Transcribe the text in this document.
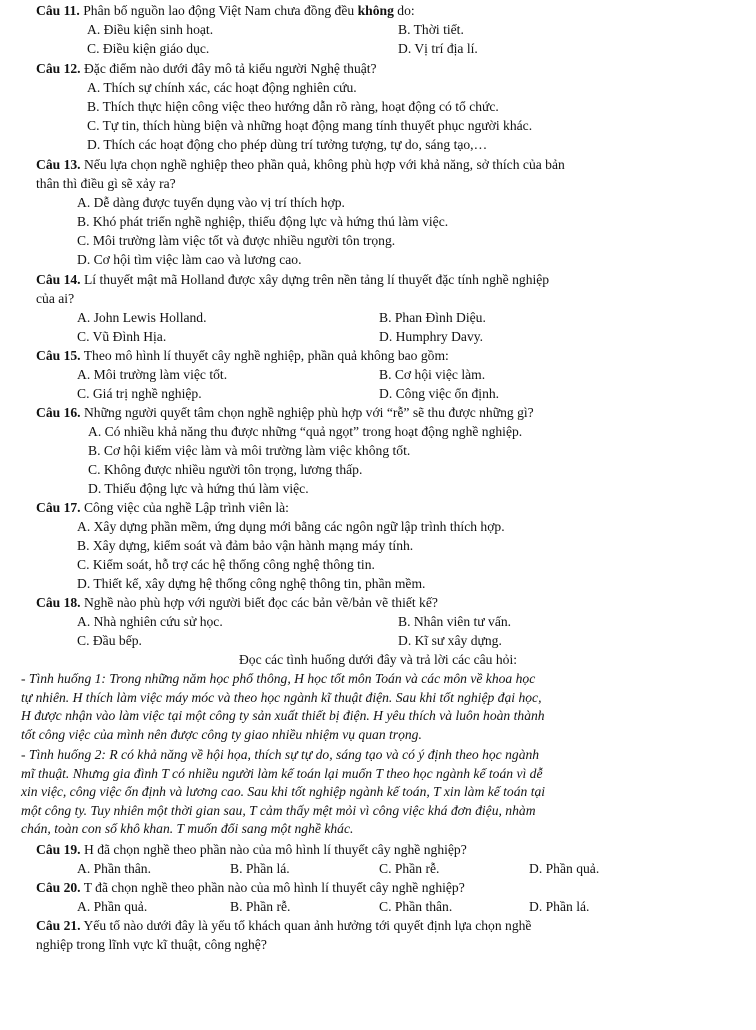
Câu 11. Phân bố nguồn lao động Việt Nam chưa đồng đều không do:
A. Điều kiện sinh hoạt.	B. Thời tiết.
C. Điều kiện giáo dục.	D. Vị trí địa lí.
Câu 12. Đặc điểm nào dưới đây mô tả kiểu người Nghệ thuật?
A. Thích sự chính xác, các hoạt động nghiên cứu.
B. Thích thực hiện công việc theo hướng dẫn rõ ràng, hoạt động có tổ chức.
C. Tự tin, thích hùng biện và những hoạt động mang tính thuyết phục người khác.
D. Thích các hoạt động cho phép dùng trí tưởng tượng, tự do, sáng tạo,…
Câu 13. Nếu lựa chọn nghề nghiệp theo phần quả, không phù hợp với khả năng, sở thích của bản
thân thì điều gì sẽ xảy ra?
A. Dễ dàng được tuyển dụng vào vị trí thích hợp.
B. Khó phát triển nghề nghiệp, thiếu động lực và hứng thú làm việc.
C. Môi trường làm việc tốt và được nhiều người tôn trọng.
D. Cơ hội tìm việc làm cao và lương cao.
Câu 14. Lí thuyết mật mã Holland được xây dựng trên nền tảng lí thuyết đặc tính nghề nghiệp
của ai?
A. John Lewis Holland.	B. Phan Đình Diệu.
C. Vũ Đình Hịa.	D. Humphry Davy.
Câu 15. Theo mô hình lí thuyết cây nghề nghiệp, phần quả không bao gồm:
A. Môi trường làm việc tốt.	B. Cơ hội việc làm.
C. Giá trị nghề nghiệp.	D. Công việc ổn định.
Câu 16. Những người quyết tâm chọn nghề nghiệp phù hợp với “rễ” sẽ thu được những gì?
A. Có nhiều khả năng thu được những “quả ngọt” trong hoạt động nghề nghiệp.
B. Cơ hội kiếm việc làm và môi trường làm việc không tốt.
C. Không được nhiều người tôn trọng, lương thấp.
D. Thiếu động lực và hứng thú làm việc.
Câu 17. Công việc của nghề Lập trình viên là:
A. Xây dựng phần mềm, ứng dụng mới bằng các ngôn ngữ lập trình thích hợp.
B. Xây dựng, kiểm soát và đảm bảo vận hành mạng máy tính.
C. Kiểm soát, hỗ trợ các hệ thống công nghệ thông tin.
D. Thiết kế, xây dựng hệ thống công nghệ thông tin, phần mềm.
Câu 18. Nghề nào phù hợp với người biết đọc các bản vẽ/bản vẽ thiết kế?
A. Nhà nghiên cứu sử học.	B. Nhân viên tư vấn.
C. Đầu bếp.	D. Kĩ sư xây dựng.
Đọc các tình huống dưới đây và trả lời các câu hỏi:
- Tình huống 1: Trong những năm học phổ thông, H học tốt môn Toán và các môn về khoa học
tự nhiên. H thích làm việc máy móc và theo học ngành kĩ thuật điện. Sau khi tốt nghiệp đại học,
H được nhận vào làm việc tại một công ty sản xuất thiết bị điện. H yêu thích và luôn hoàn thành
tốt công việc của mình nên được công ty giao nhiều nhiệm vụ quan trọng.
- Tình huống 2: R có khả năng về hội họa, thích sự tự do, sáng tạo và có ý định theo học ngành
mĩ thuật. Nhưng gia đình T có nhiều người làm kế toán lại muốn T theo học ngành kế toán vì dễ
xin việc, công việc ổn định và lương cao. Sau khi tốt nghiệp ngành kế toán, T xin làm kế toán tại
một công ty. Tuy nhiên một thời gian sau, T cảm thấy mệt mỏi vì công việc khá đơn điệu, nhàm
chán, toàn con số khô khan. T muốn đổi sang một nghề khác.
Câu 19. H đã chọn nghề theo phần nào của mô hình lí thuyết cây nghề nghiệp?
A. Phần thân.	B. Phần lá.	C. Phần rễ.	D. Phần quả.
Câu 20. T đã chọn nghề theo phần nào của mô hình lí thuyết cây nghề nghiệp?
A. Phần quả.	B. Phần rễ.	C. Phần thân.	D. Phần lá.
Câu 21. Yếu tố nào dưới đây là yếu tố khách quan ảnh hưởng tới quyết định lựa chọn nghề
nghiệp trong lĩnh vực kĩ thuật, công nghệ?
